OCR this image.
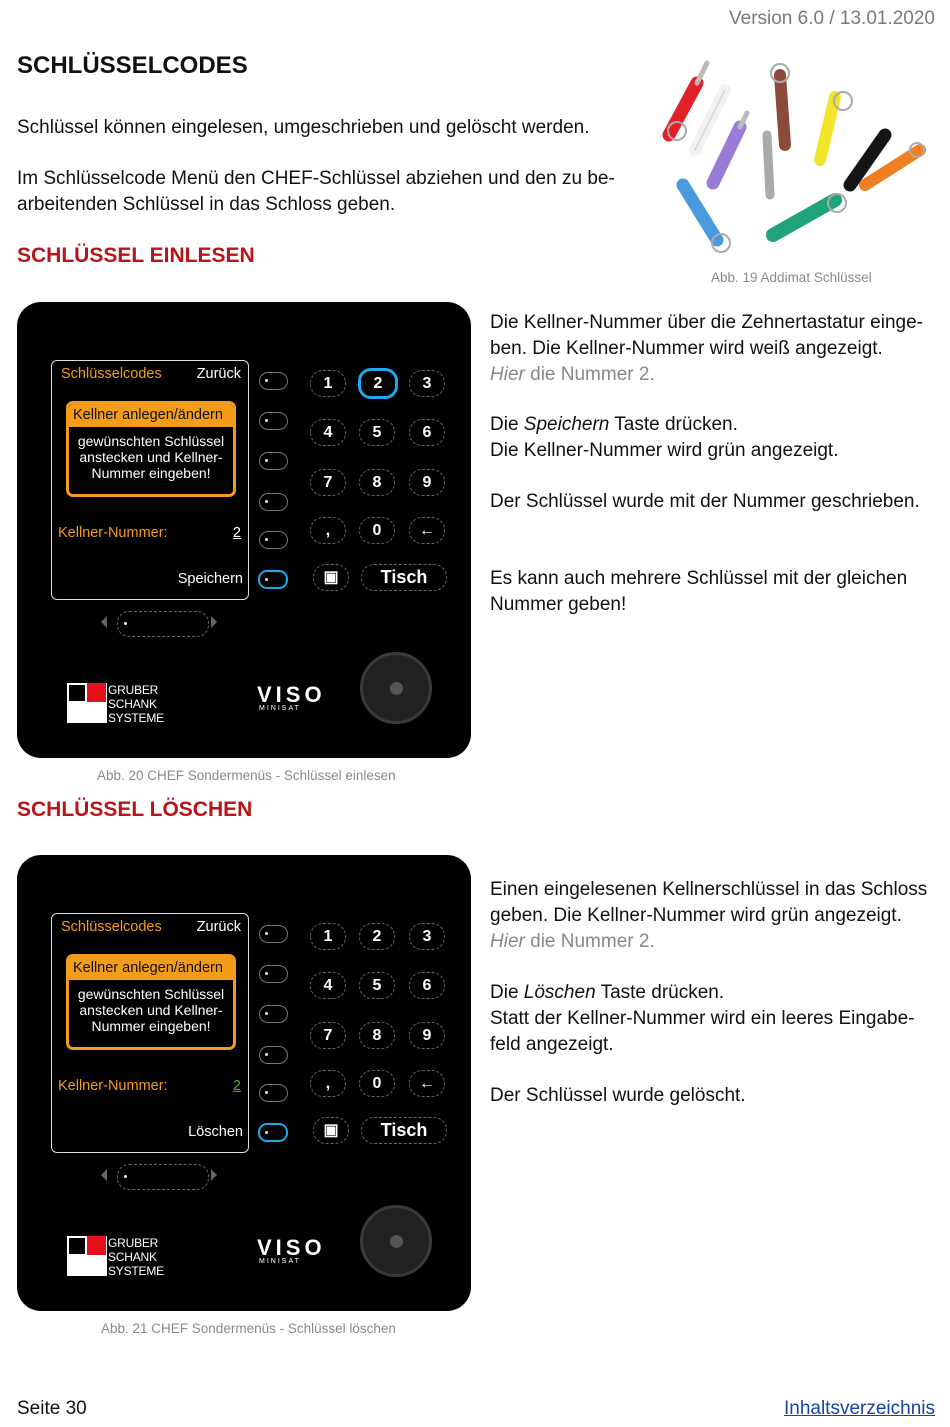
Version 6.0 / 13.01.2020
SCHLÜSSELCODES
Schlüssel können eingelesen, umgeschrieben und gelöscht werden.
Im Schlüsselcode Menü den CHEF-Schlüssel abziehen und den zu be-
arbeitenden Schlüssel in das Schloss geben.
Abb. 19 Addimat Schlüssel
SCHLÜSSEL EINLESEN
Schlüsselcodes Zurück
Kellner anlegen/ändern
gewünschten Schlüssel
anstecken und Kellner-
Nummer eingeben!
Kellner-Nummer:	2
Speichern
1	2	3
4	5	6
7	8	9
,	0	←
▣	Tisch
GRUBER
SCHANK
SYSTEME
VISO
MINISAT
Abb. 20 CHEF Sondermenüs - Schlüssel einlesen
Die Kellner-Nummer über die Zehnertastatur einge-
ben. Die Kellner-Nummer wird weiß angezeigt.
Hier die Nummer 2.
Die Speichern Taste drücken.
Die Kellner-Nummer wird grün angezeigt.
Der Schlüssel wurde mit der Nummer geschrieben.
Es kann auch mehrere Schlüssel mit der gleichen
Nummer geben!
SCHLÜSSEL LÖSCHEN
Schlüsselcodes Zurück
Kellner anlegen/ändern
gewünschten Schlüssel
anstecken und Kellner-
Nummer eingeben!
Kellner-Nummer:	2
Löschen
1	2	3
4	5	6
7	8	9
,	0	←
▣	Tisch
GRUBER
SCHANK
SYSTEME
VISO
MINISAT
Abb. 21 CHEF Sondermenüs - Schlüssel löschen
Einen eingelesenen Kellnerschlüssel in das Schloss
geben. Die Kellner-Nummer wird grün angezeigt.
Hier die Nummer 2.
Die Löschen Taste drücken.
Statt der Kellner-Nummer wird ein leeres Eingabe-
feld angezeigt.
Der Schlüssel wurde gelöscht.
Seite 30	Inhaltsverzeichnis
